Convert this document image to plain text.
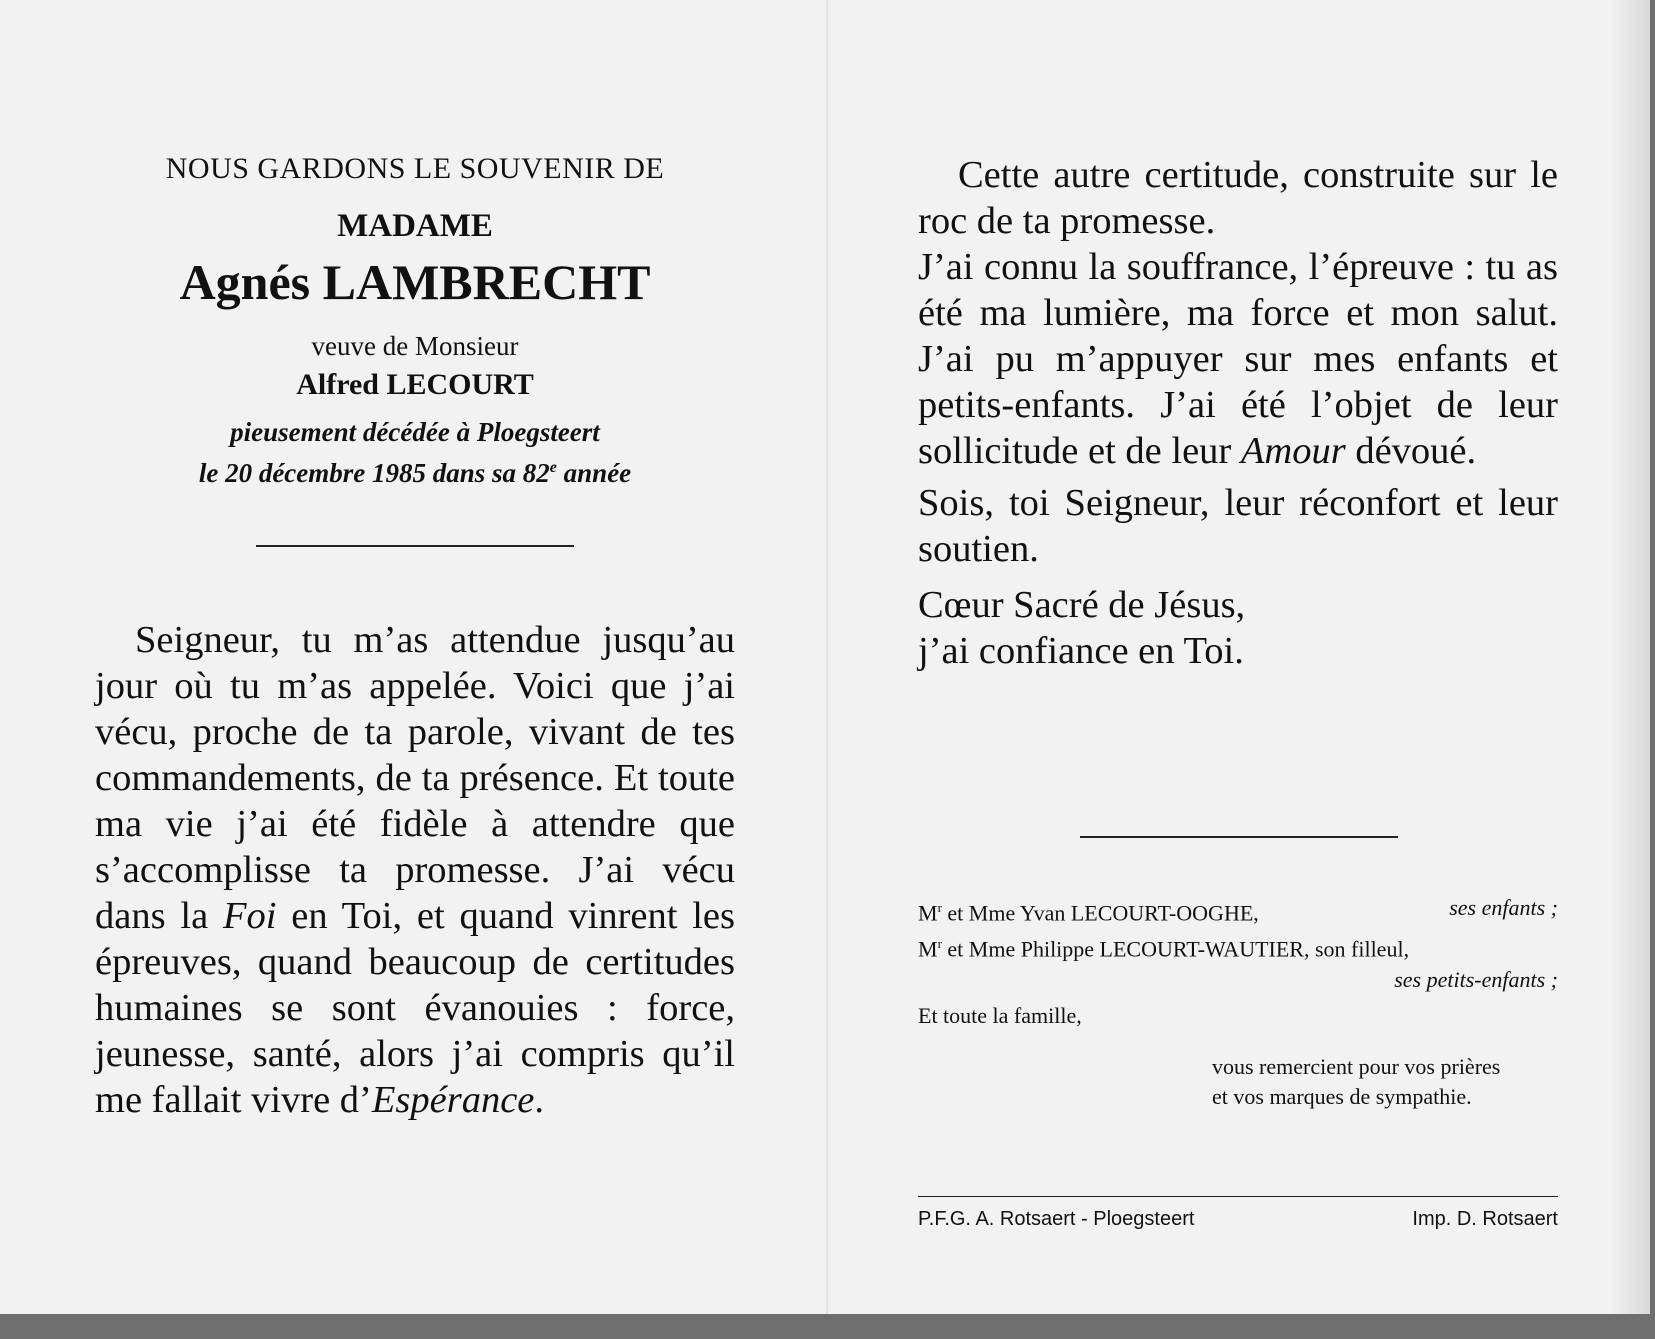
NOUS GARDONS LE SOUVENIR DE

MADAME

Agnés LAMBRECHT

veuve de Monsieur

Alfred LECOURT

pieusement décédée à Ploegsteert
le 20 décembre 1985 dans sa 82e année

Seigneur, tu m’as attendue jusqu’au jour où tu m’as appelée. Voici que j’ai vécu, proche de ta parole, vivant de tes commandements, de ta présence. Et toute ma vie j’ai été fidèle à attendre que s’accomplisse ta promesse. J’ai vécu dans la Foi en Toi, et quand vinrent les épreuves, quand beaucoup de certitudes humaines se sont évanouies : force, jeunesse, santé, alors j’ai compris qu’il me fallait vivre d’Espérance.

Cette autre certitude, construite sur le roc de ta promesse.

J’ai connu la souffrance, l’épreuve : tu as été ma lumière, ma force et mon salut. J’ai pu m’appuyer sur mes enfants et petits-enfants. J’ai été l’objet de leur sollicitude et de leur Amour dévoué.

Sois, toi Seigneur, leur réconfort et leur soutien.

Cœur Sacré de Jésus,

j’ai confiance en Toi.

$M^r$ et Mme Yvan LECOURT-OOGHE,	ses enfants ;
$M^r$ et Mme Philippe LECOURT-WAUTIER, son filleul,
ses petits-enfants ;
Et toute la famille,
vous remercient pour vos prières
et vos marques de sympathie.
P.F.G. A. Rotsaert - Ploegsteert	Imp. D. Rotsaert
